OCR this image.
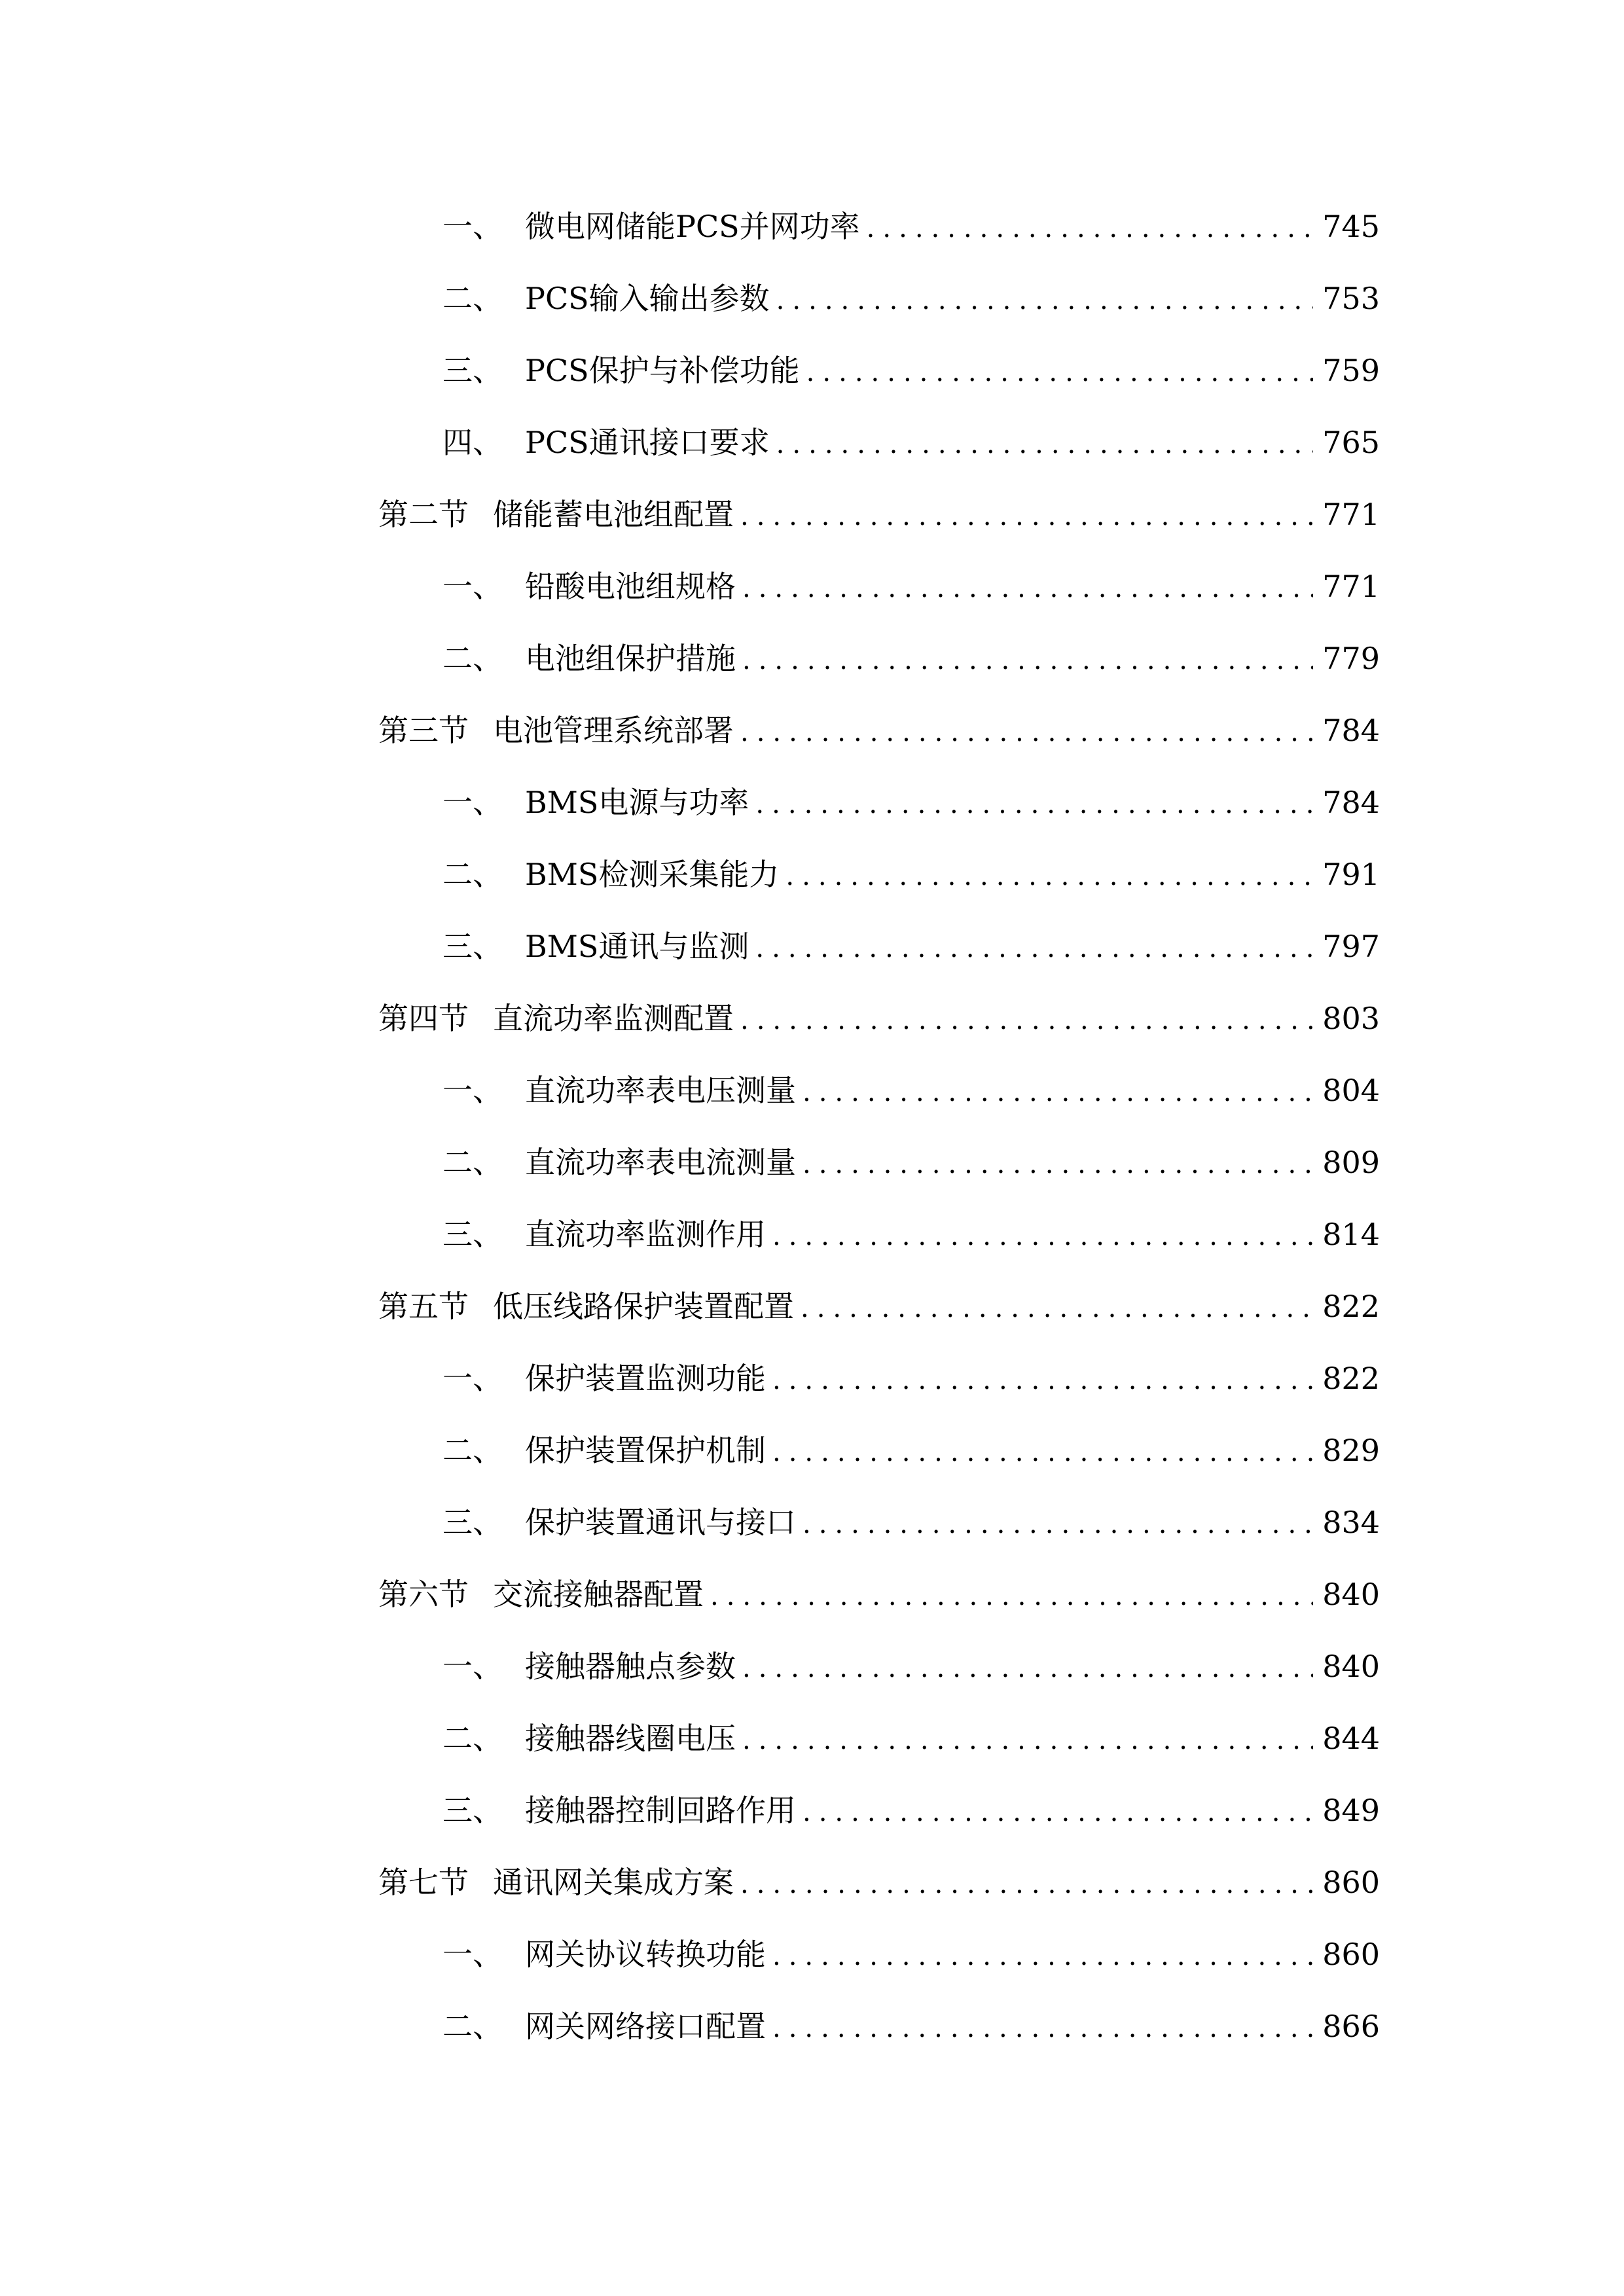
一、 微电网储能PCS并网功率 .....	745
二、 PCS输入输出参数 .....	753
三、 PCS保护与补偿功能 .....	759
四、 PCS通讯接口要求 .....	765
第二节 储能蓄电池组配置 .....	771
一、 铅酸电池组规格 .....	771
二、 电池组保护措施 .....	779
第三节 电池管理系统部署 .....	784
一、 BMS电源与功率 .....	784
二、 BMS检测采集能力 .....	791
三、 BMS通讯与监测 .....	797
第四节 直流功率监测配置 .....	803
一、 直流功率表电压测量 .....	804
二、 直流功率表电流测量 .....	809
三、 直流功率监测作用 .....	814
第五节 低压线路保护装置配置 .....	822
一、 保护装置监测功能 .....	822
二、 保护装置保护机制 .....	829
三、 保护装置通讯与接口 .....	834
第六节 交流接触器配置 .....	840
一、 接触器触点参数 .....	840
二、 接触器线圈电压 .....	844
三、 接触器控制回路作用 .....	849
第七节 通讯网关集成方案 .....	860
一、 网关协议转换功能 .....	860
二、 网关网络接口配置 .....	866
